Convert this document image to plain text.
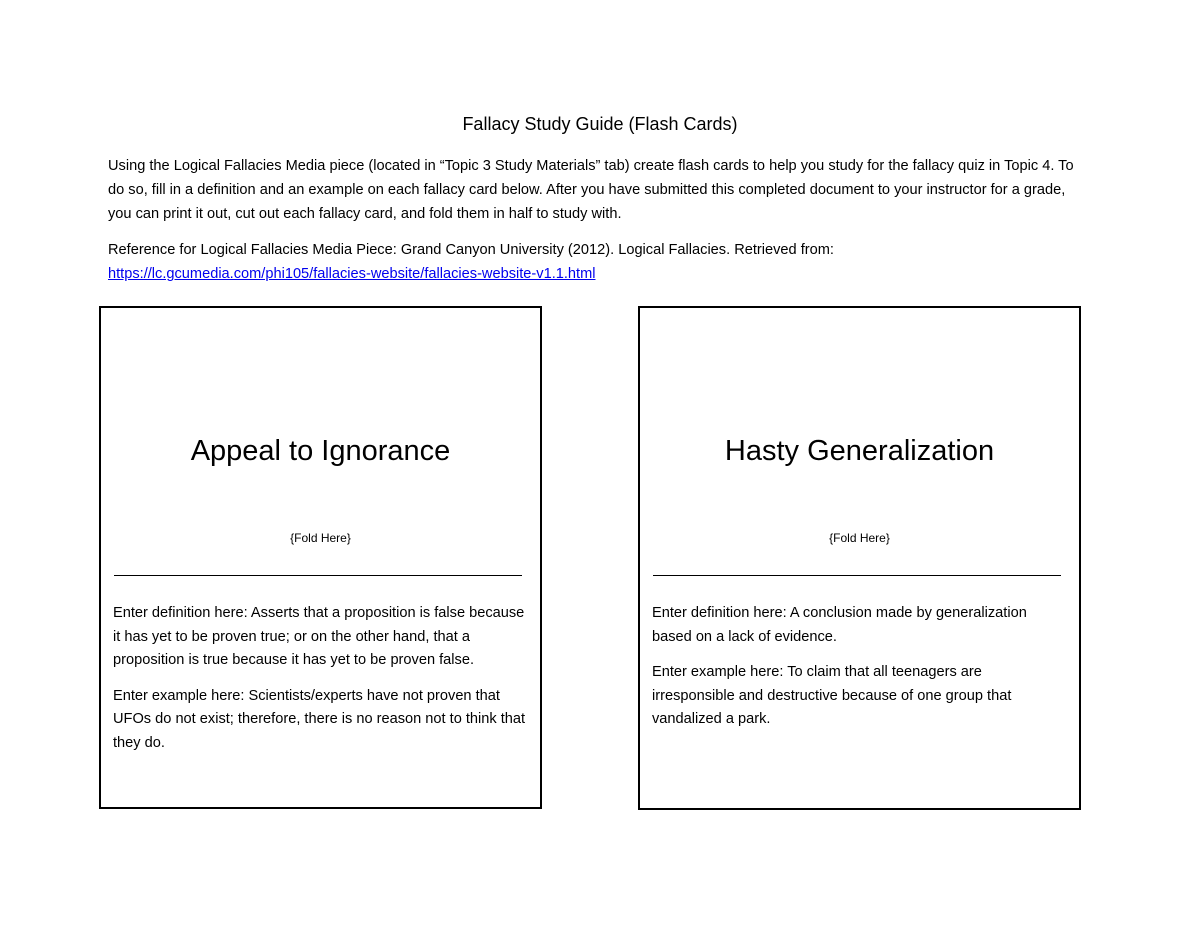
Fallacy Study Guide (Flash Cards)

Using the Logical Fallacies Media piece (located in “Topic 3 Study Materials” tab) create flash cards to help you study for the fallacy quiz in Topic 4. To do so, fill in a definition and an example on each fallacy card below. After you have submitted this completed document to your instructor for a grade, you can print it out, cut out each fallacy card, and fold them in half to study with.

Reference for Logical Fallacies Media Piece: Grand Canyon University (2012). Logical Fallacies. Retrieved from:
https://lc.gcumedia.com/phi105/fallacies-website/fallacies-website-v1.1.html

Appeal to Ignorance
{Fold Here}

Enter definition here: Asserts that a proposition is false because it has yet to be proven true; or on the other hand, that a proposition is true because it has yet to be proven false.

Enter example here: Scientists/experts have not proven that UFOs do not exist; therefore, there is no reason not to think that they do.

Hasty Generalization
{Fold Here}

Enter definition here: A conclusion made by generalization based on a lack of evidence.

Enter example here: To claim that all teenagers are irresponsible and destructive because of one group that vandalized a park.
